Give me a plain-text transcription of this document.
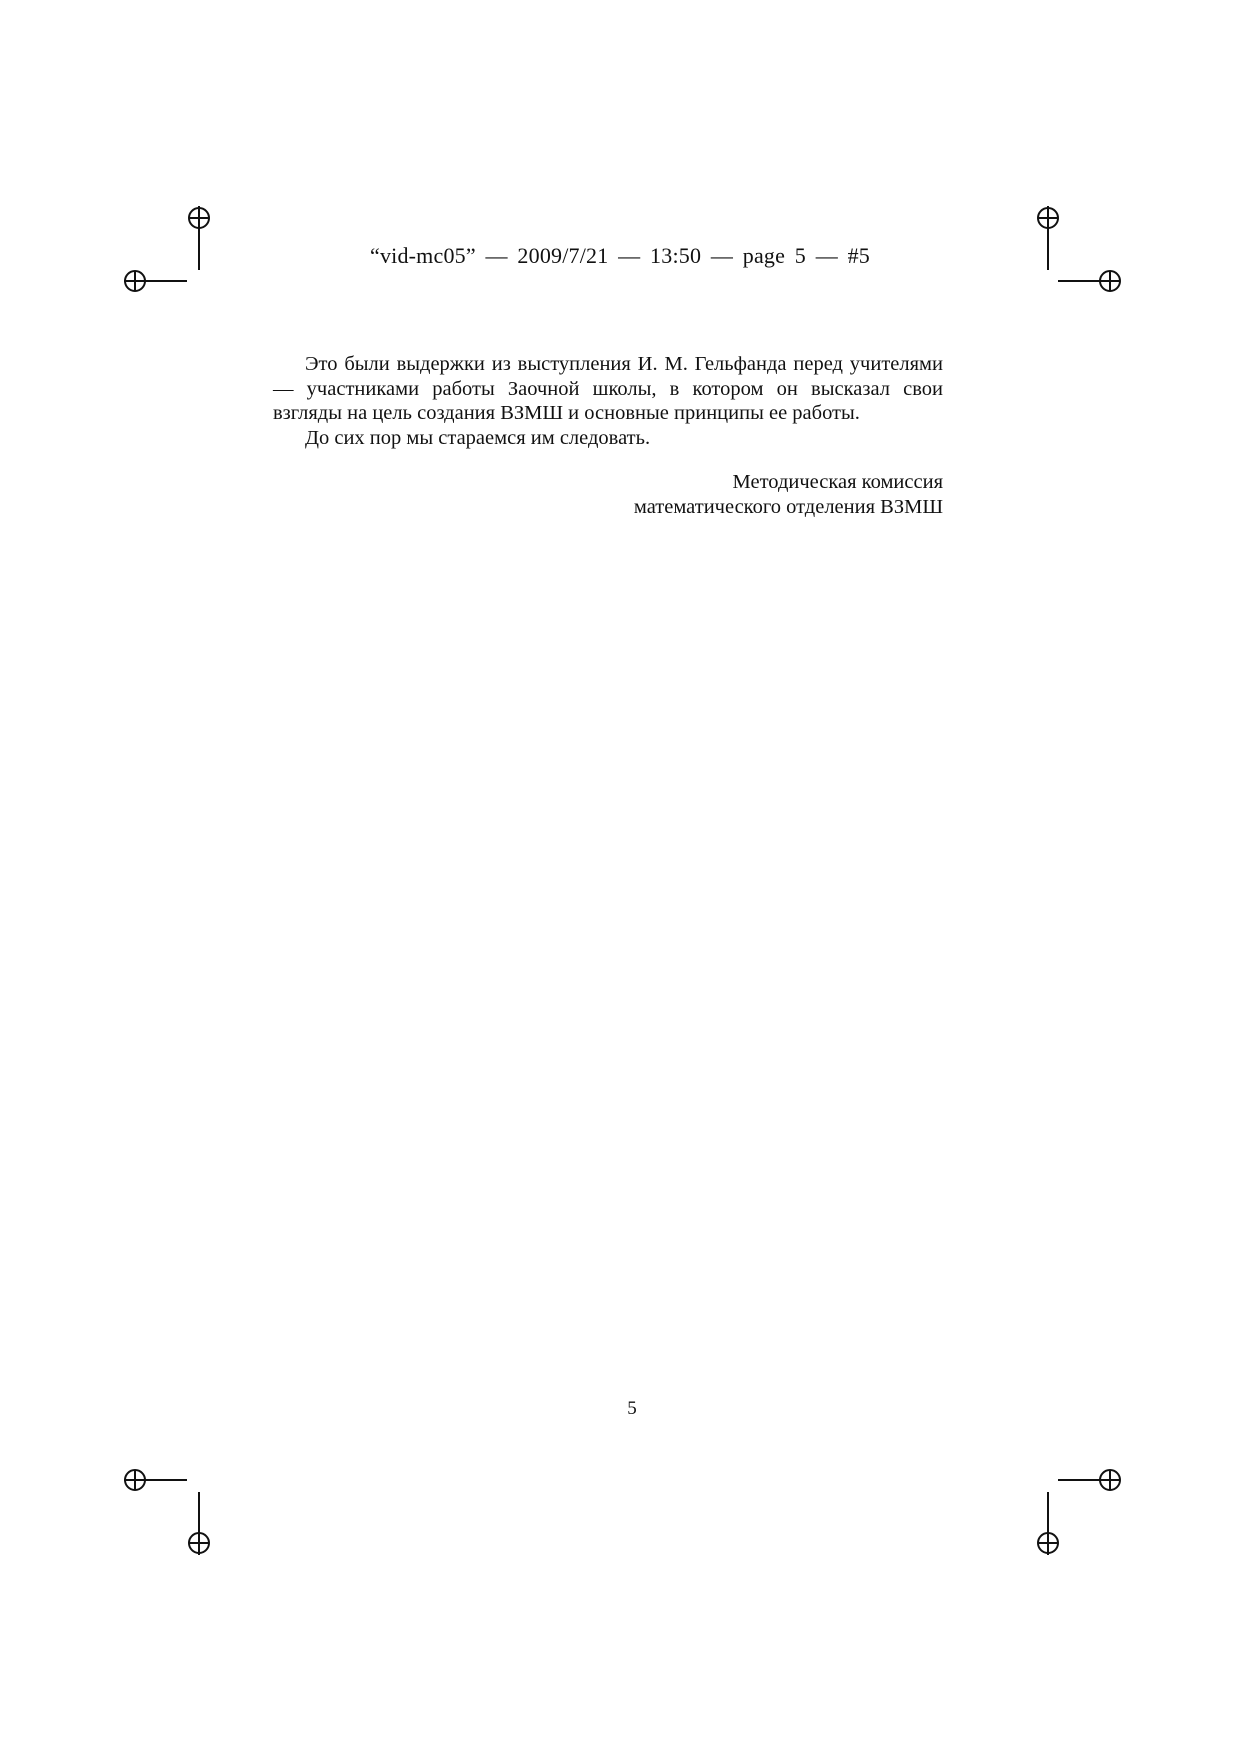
“vid-mc05” — 2009/7/21 — 13:50 — page 5 — #5

Это были выдержки из выступления И. М. Гельфанда перед учителями — участниками работы Заочной школы, в котором он высказал свои взгляды на цель создания ВЗМШ и основные принципы ее работы.

До сих пор мы стараемся им следовать.

Методическая комиссия
математического отделения ВЗМШ
5
